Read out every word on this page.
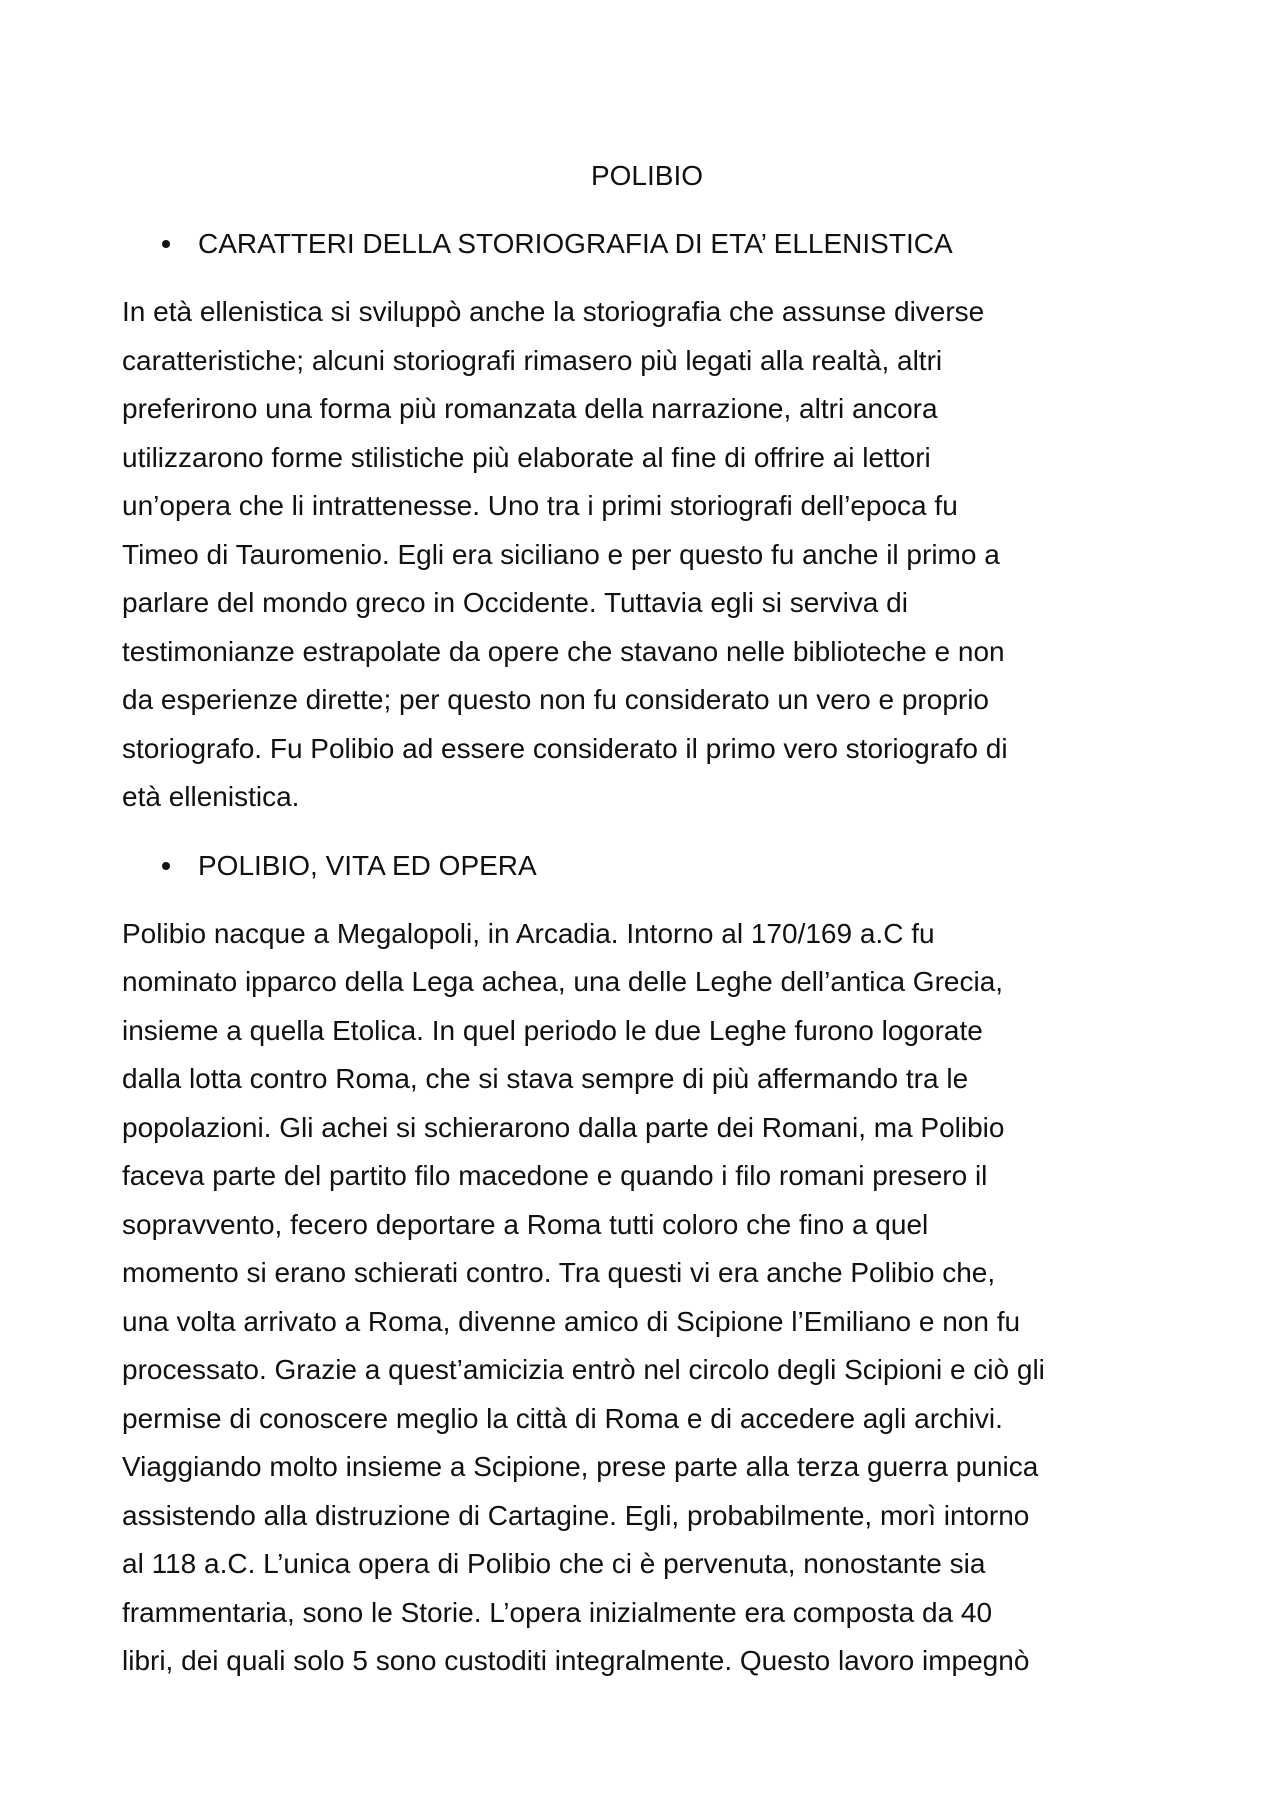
POLIBIO
CARATTERI DELLA STORIOGRAFIA DI ETA’ ELLENISTICA
In età ellenistica si sviluppò anche la storiografia che assunse diverse
caratteristiche; alcuni storiografi rimasero più legati alla realtà, altri
preferirono una forma più romanzata della narrazione, altri ancora
utilizzarono forme stilistiche più elaborate al fine di offrire ai lettori
un’opera che li intrattenesse. Uno tra i primi storiografi dell’epoca fu
Timeo di Tauromenio. Egli era siciliano e per questo fu anche il primo a
parlare del mondo greco in Occidente. Tuttavia egli si serviva di
testimonianze estrapolate da opere che stavano nelle biblioteche e non
da esperienze dirette; per questo non fu considerato un vero e proprio
storiografo. Fu Polibio ad essere considerato il primo vero storiografo di
età ellenistica.
POLIBIO, VITA ED OPERA
Polibio nacque a Megalopoli, in Arcadia. Intorno al 170/169 a.C fu
nominato ipparco della Lega achea, una delle Leghe dell’antica Grecia,
insieme a quella Etolica. In quel periodo le due Leghe furono logorate
dalla lotta contro Roma, che si stava sempre di più affermando tra le
popolazioni. Gli achei si schierarono dalla parte dei Romani, ma Polibio
faceva parte del partito filo macedone e quando i filo romani presero il
sopravvento, fecero deportare a Roma tutti coloro che fino a quel
momento si erano schierati contro. Tra questi vi era anche Polibio che,
una volta arrivato a Roma, divenne amico di Scipione l’Emiliano e non fu
processato. Grazie a quest’amicizia entrò nel circolo degli Scipioni e ciò gli
permise di conoscere meglio la città di Roma e di accedere agli archivi.
Viaggiando molto insieme a Scipione, prese parte alla terza guerra punica
assistendo alla distruzione di Cartagine. Egli, probabilmente, morì intorno
al 118 a.C. L’unica opera di Polibio che ci è pervenuta, nonostante sia
frammentaria, sono le Storie. L’opera inizialmente era composta da 40
libri, dei quali solo 5 sono custoditi integralmente. Questo lavoro impegnò
